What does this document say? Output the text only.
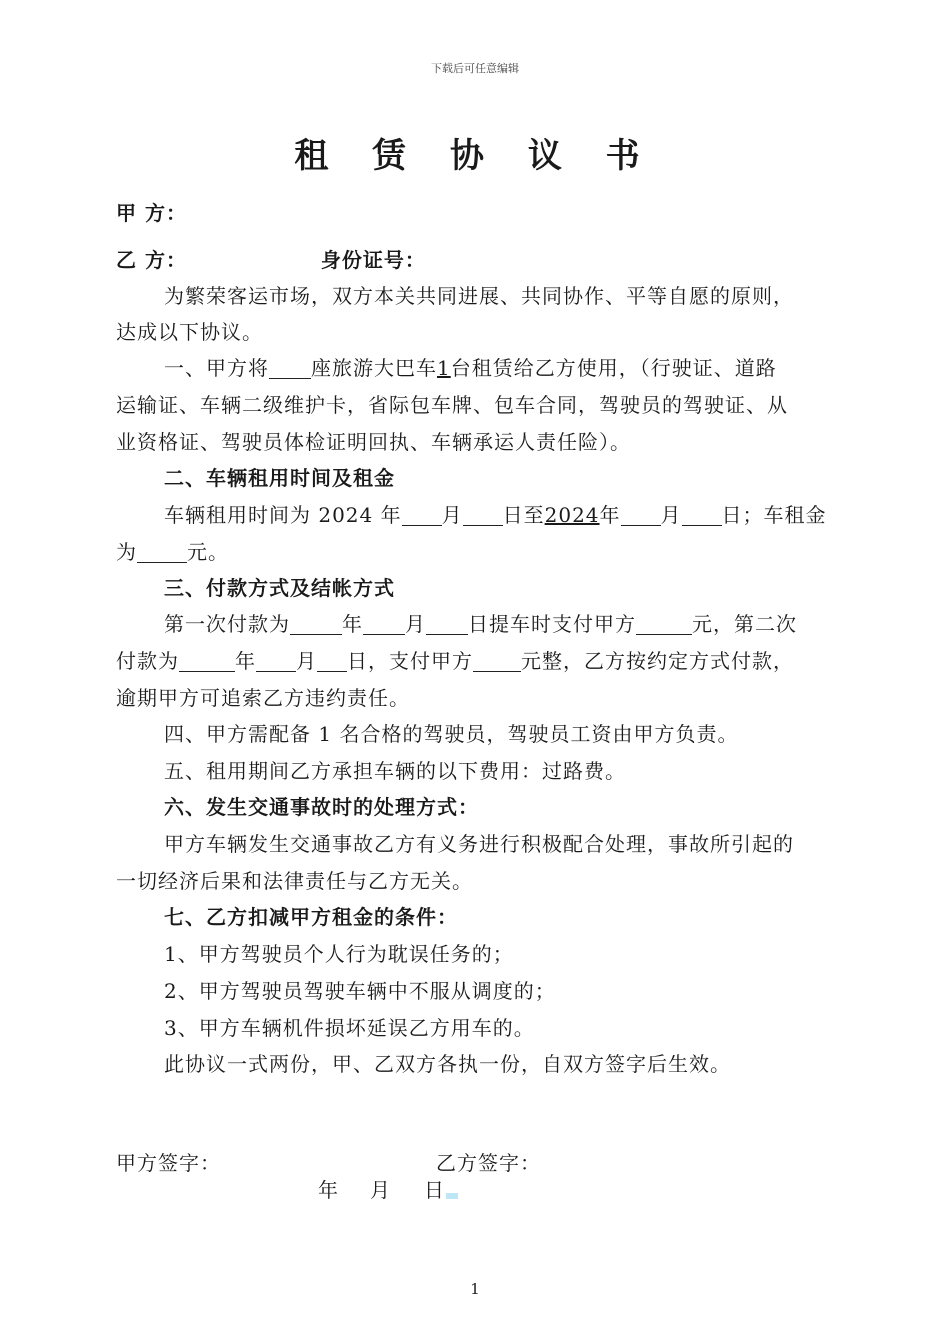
下载后可任意编辑
租 赁 协 议 书
甲 方：
乙 方：	身份证号：
为繁荣客运市场，双方本关共同进展、共同协作、平等自愿的原则，
达成以下协议。
一、甲方将 座旅游大巴车1台租赁给乙方使用，（行驶证、道路
运输证、车辆二级维护卡，省际包车牌、包车合同，驾驶员的驾驶证、从
业资格证、驾驶员体检证明回执、车辆承运人责任险）。
二、车辆租用时间及租金
车辆租用时间为 2024 年 月 日至2024年 月 日；车租金
为	元。
三、付款方式及结帐方式
第一次付款为	年 月 日提车时支付甲方	元，第二次
付款为	年 月 日，支付甲方 元整，乙方按约定方式付款，
逾期甲方可追索乙方违约责任。
四、甲方需配备 1 名合格的驾驶员，驾驶员工资由甲方负责。
五、租用期间乙方承担车辆的以下费用：过路费。
六、发生交通事故时的处理方式：
甲方车辆发生交通事故乙方有义务进行积极配合处理，事故所引起的
一切经济后果和法律责任与乙方无关。
七、乙方扣减甲方租金的条件：
1、甲方驾驶员个人行为耽误任务的；
2、甲方驾驶员驾驶车辆中不服从调度的；
3、甲方车辆机件损坏延误乙方用车的。
此协议一式两份，甲、乙双方各执一份，自双方签字后生效。
甲方签字：	乙方签字：
年 月 日
1
